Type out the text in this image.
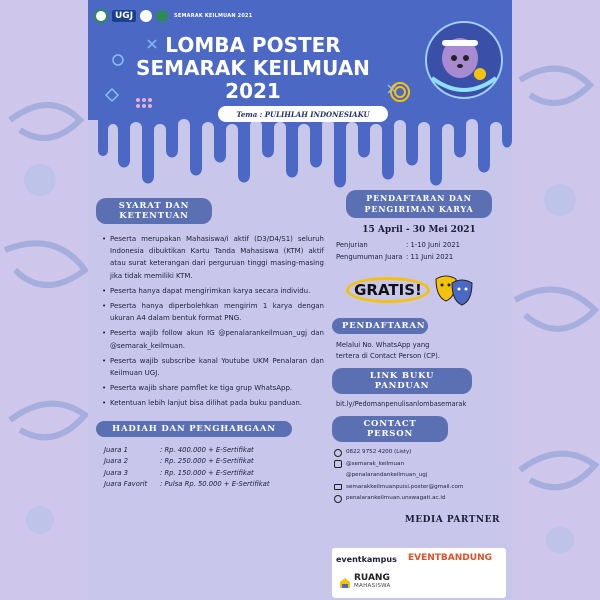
UGJ	SEMARAK KEILMUAN 2021
LOMBA POSTER
SEMARAK KEILMUAN
2021
Tema : PULIHLAH INDONESIAKU
SYARAT DAN KETENTUAN
• Peserta merupakan Mahasiswa/i aktif (D3/D4/S1) seluruh Indonesia dibuktikan Kartu Tanda Mahasiswa (KTM) aktif atau surat keterangan dari perguruan tinggi masing-masing jika tidak memiliki KTM.
• Peserta hanya dapat mengirimkan karya secara individu.
• Peserta hanya diperbolehkan mengirim 1 karya dengan ukuran A4 dalam bentuk format PNG.
• Peserta wajib follow akun IG @penalarankeilmuan_ugj dan @semarak_keilmuan.
• Peserta wajib subscribe kanal Youtube UKM Penalaran dan Keilmuan UGJ.
• Peserta wajib share pamflet ke tiga grup WhatsApp.
• Ketentuan lebih lanjut bisa dilihat pada buku panduan.
HADIAH DAN PENGHARGAAN
Juara 1	: Rp. 400.000 + E-Sertifikat
Juara 2	: Rp. 250.000 + E-Sertifikat
Juara 3	: Rp. 150.000 + E-Sertifikat
Juara Favorit	: Pulsa Rp. 50.000 + E-Sertifikat
PENDAFTARAN DAN
PENGIRIMAN KARYA
15 April - 30 Mei 2021
Penjurian	: 1-10 Juni 2021
Pengumuman Juara : 11 Juni 2021
GRATIS!
PENDAFTARAN
Melalui No. WhatsApp yang
tertera di Contact Person (CP).
LINK BUKU PANDUAN
bit.ly/Pedomanpenulisanlombasemarak
CONTACT PERSON
0822 9752 4200 (Listy)
@semarak_keilmuan
@penalarandankeilmuan_ugj
semarakkeilmuanpuisi.poster@gmail.com
penalarankeilmuan.unswagati.ac.id
MEDIA PARTNER
eventkampus EVENTBANDUNG
RUANG
MAHASISWA
